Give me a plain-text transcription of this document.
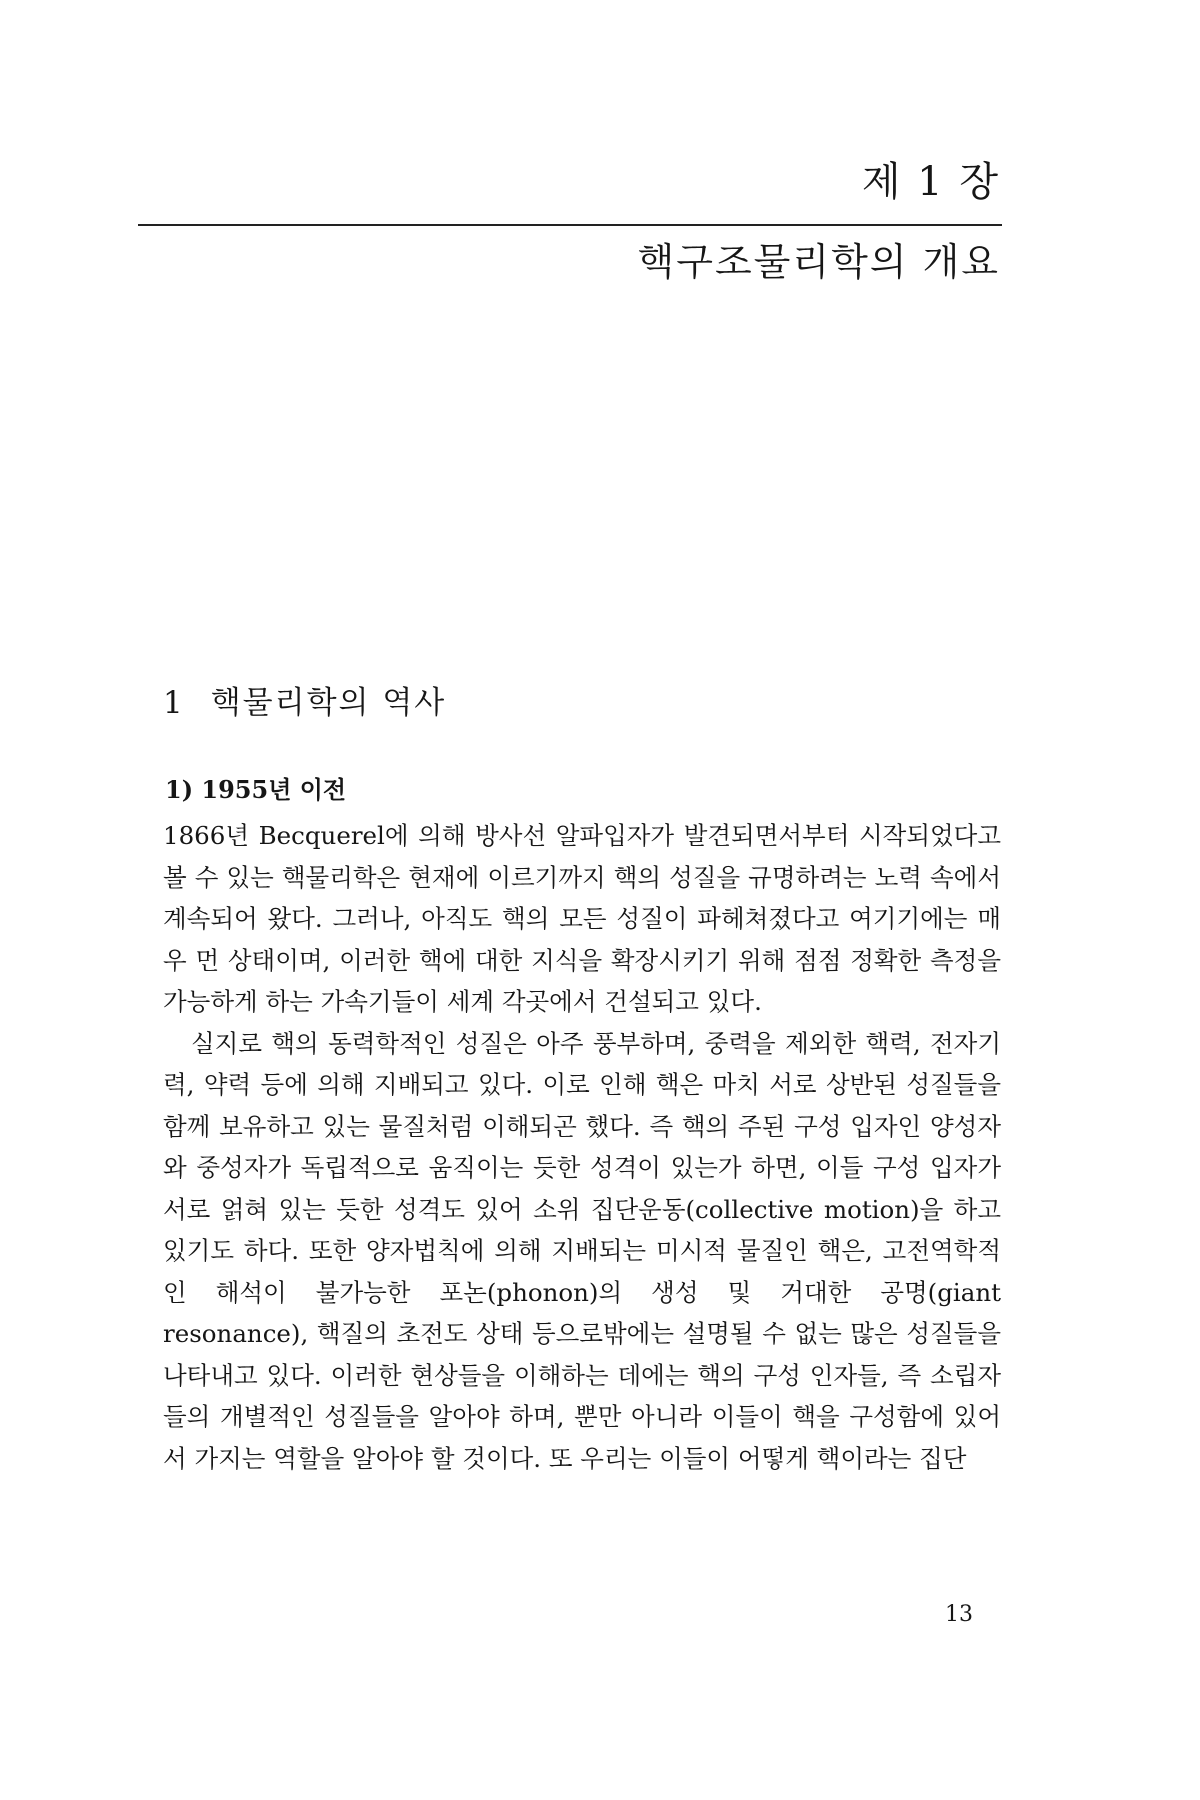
제 1 장
핵구조물리학의 개요
1 핵물리학의 역사
1) 1955년 이전

1866년 Becquerel에 의해 방사선 알파입자가 발견되면서부터 시작되었다고 볼 수 있는 핵물리학은 현재에 이르기까지 핵의 성질을 규명하려는 노력 속에서 계속되어 왔다. 그러나, 아직도 핵의 모든 성질이 파헤쳐졌다고 여기기에는 매우 먼 상태이며, 이러한 핵에 대한 지식을 확장시키기 위해 점점 정확한 측정을 가능하게 하는 가속기들이 세계 각곳에서 건설되고 있다.

실지로 핵의 동력학적인 성질은 아주 풍부하며, 중력을 제외한 핵력, 전자기력, 약력 등에 의해 지배되고 있다. 이로 인해 핵은 마치 서로 상반된 성질들을 함께 보유하고 있는 물질처럼 이해되곤 했다. 즉 핵의 주된 구성 입자인 양성자와 중성자가 독립적으로 움직이는 듯한 성격이 있는가 하면, 이들 구성 입자가 서로 얽혀 있는 듯한 성격도 있어 소위 집단운동(collective motion)을 하고 있기도 하다. 또한 양자법칙에 의해 지배되는 미시적 물질인 핵은, 고전역학적인 해석이 불가능한 포논(phonon)의 생성 및 거대한 공명(giant resonance), 핵질의 초전도 상태 등으로밖에는 설명될 수 없는 많은 성질들을 나타내고 있다. 이러한 현상들을 이해하는 데에는 핵의 구성 인자들, 즉 소립자들의 개별적인 성질들을 알아야 하며, 뿐만 아니라 이들이 핵을 구성함에 있어서 가지는 역할을 알아야 할 것이다. 또 우리는 이들이 어떻게 핵이라는 집단

13
